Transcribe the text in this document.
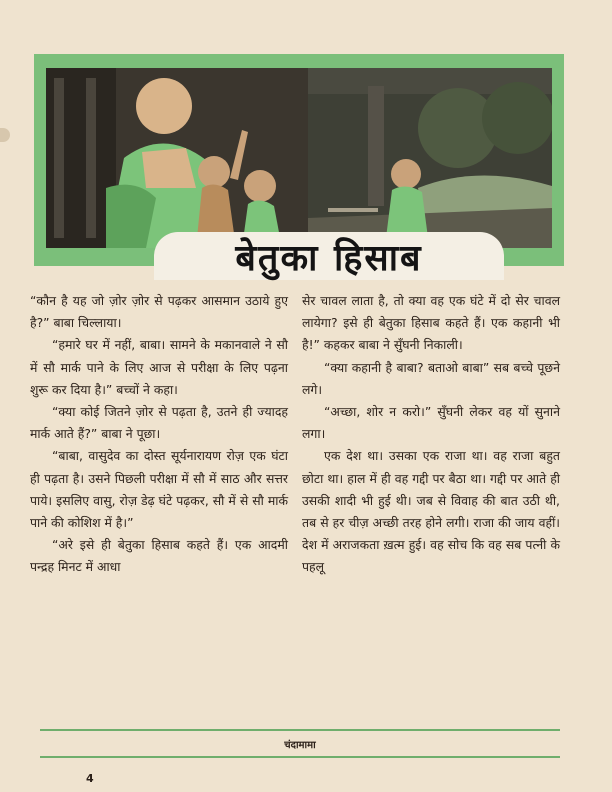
बेतुका हिसाब

“कौन है यह जो ज़ोर ज़ोर से पढ़कर आसमान उठाये हुए है?” बाबा चिल्लाया।

“हमारे घर में नहीं, बाबा। सामने के मकानवाले ने सौ में सौ मार्क पाने के लिए आज से परीक्षा के लिए पढ़ना शुरू कर दिया है।” बच्चों ने कहा।

“क्या कोई जितने ज़ोर से पढ़ता है, उतने ही ज्यादह मार्क आते हैं?” बाबा ने पूछा।

“बाबा, वासुदेव का दोस्त सूर्यनारायण रोज़ एक घंटा ही पढ़ता है। उसने पिछली परीक्षा में सौ में साठ और सत्तर पाये। इसलिए वासु, रोज़ डेढ़ घंटे पढ़कर, सौ में से सौ मार्क पाने की कोशिश में है।”

“अरे इसे ही बेतुका हिसाब कहते हैं। एक आदमी पन्द्रह मिनट में आधा

सेर चावल लाता है, तो क्या वह एक घंटे में दो सेर चावल लायेगा? इसे ही बेतुका हिसाब कहते हैं। एक कहानी भी है!” कहकर बाबा ने सुँघनी निकाली।

“क्या कहानी है बाबा? बताओ बाबा” सब बच्चे पूछने लगे।

“अच्छा, शोर न करो।” सुँघनी लेकर वह यों सुनाने लगा।

एक देश था। उसका एक राजा था। वह राजा बहुत छोटा था। हाल में ही वह गद्दी पर बैठा था। गद्दी पर आते ही उसकी शादी भी हुई थी। जब से विवाह की बात उठी थी, तब से हर चीज़ अच्छी तरह होने लगी। राजा की जाय वहीं। देश में अराजकता ख़त्म हुई। वह सोच कि वह सब पत्नी के पहलू

चंदामामा
4
